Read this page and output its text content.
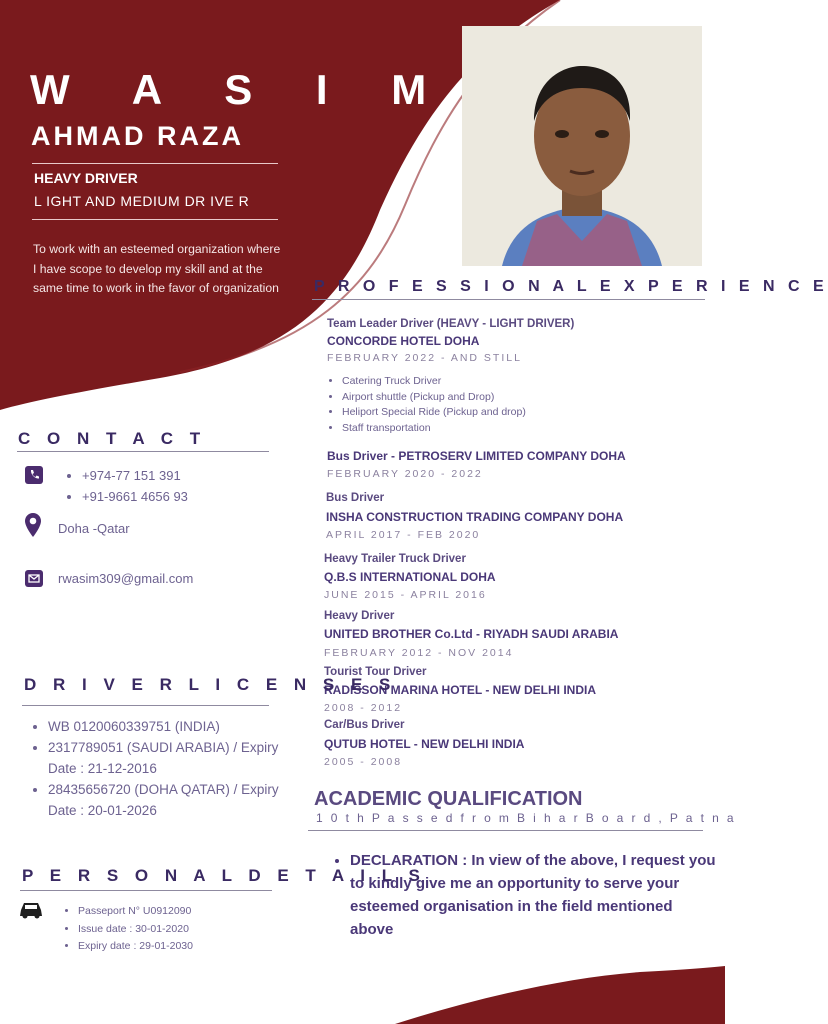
W A S I M
AHMAD RAZA
HEAVY DRIVER
L IGHT AND MEDIUM DR IVE R
To work with an esteemed organization where I have scope to develop my skill and at the same time to work in the favor of organization P R O F E S S I O N A L E X P E R I E N C E
Team Leader Driver (HEAVY - LIGHT DRIVER)
CONCORDE HOTEL DOHA
FEBRUARY 2022 - AND STILL
• Catering Truck Driver
• Airport shuttle (Pickup and Drop)
• Heliport Special Ride (Pickup and drop)
• Staff transportation
Bus Driver - PETROSERV LIMITED COMPANY DOHA
FEBRUARY 2020 - 2022
Bus Driver
INSHA CONSTRUCTION TRADING COMPANY DOHA
APRIL 2017 - FEB 2020
Heavy Trailer Truck Driver
Q.B.S INTERNATIONAL DOHA
JUNE 2015 - APRIL 2016
Heavy Driver
UNITED BROTHER Co.Ltd - RIYADH SAUDI ARABIA
FEBRUARY 2012 - NOV 2014
Tourist Tour Driver
RADISSON MARINA HOTEL - NEW DELHI INDIA
2008 - 2012
Car/Bus Driver
QUTUB HOTEL - NEW DELHI INDIA
2005 - 2008
ACADEMIC QUALIFICATION
1 0 t h P a s s e d f r o m B i h a r B o a r d , P a t n a
• DECLARATION : In view of the above, I request you to kindly give me an opportunity to serve your esteemed organisation in the field mentioned above
C O N T A C T
• +974-77 151 391
• +91-9661 4656 93
Doha -Qatar
rwasim309@gmail.com
D R I V E R L I C E N S E S
• WB 0120060339751 (INDIA)
• 2317789051 (SAUDI ARABIA) / Expiry Date : 21-12-2016
• 28435656720 (DOHA QATAR) / Expiry Date : 20-01-2026
P E R S O N A L D E T A I L S
• Passeport N° U0912090
• Issue date : 30-01-2020
• Expiry date : 29-01-2030
